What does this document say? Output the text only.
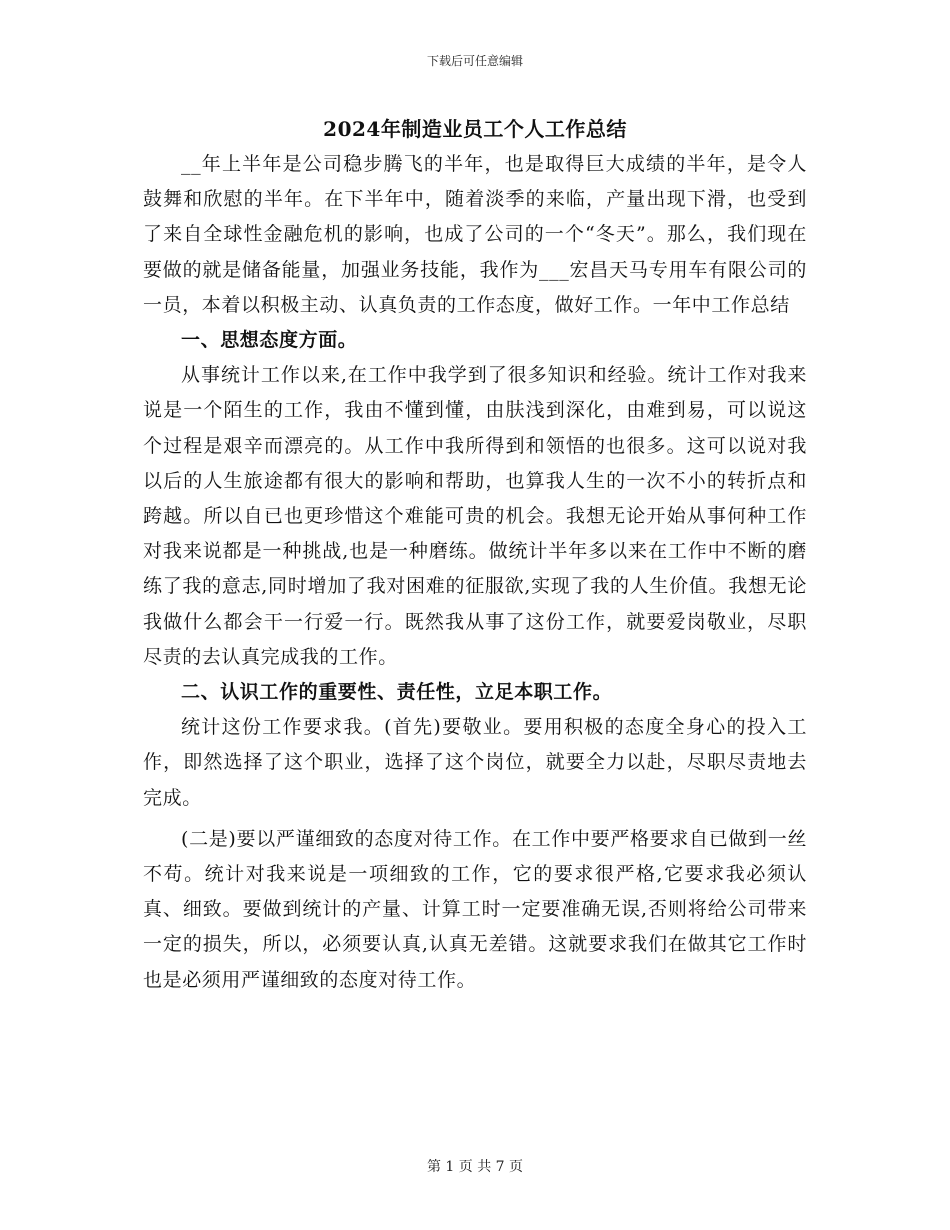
下载后可任意编辑
2024年制造业员工个人工作总结

__年上半年是公司稳步腾飞的半年，也是取得巨大成绩的半年，是令人鼓舞和欣慰的半年。在下半年中，随着淡季的来临，产量出现下滑，也受到了来自全球性金融危机的影响，也成了公司的一个“冬天”。那么，我们现在要做的就是储备能量，加强业务技能，我作为___宏昌天马专用车有限公司的一员，本着以积极主动、认真负责的工作态度，做好工作。一年中工作总结

一、思想态度方面。

从事统计工作以来,在工作中我学到了很多知识和经验。统计工作对我来说是一个陌生的工作，我由不懂到懂，由肤浅到深化，由难到易，可以说这个过程是艰辛而漂亮的。从工作中我所得到和领悟的也很多。这可以说对我以后的人生旅途都有很大的影响和帮助，也算我人生的一次不小的转折点和跨越。所以自已也更珍惜这个难能可贵的机会。我想无论开始从事何种工作对我来说都是一种挑战,也是一种磨练。做统计半年多以来在工作中不断的磨练了我的意志,同时增加了我对困难的征服欲,实现了我的人生价值。我想无论我做什么都会干一行爱一行。既然我从事了这份工作，就要爱岗敬业，尽职尽责的去认真完成我的工作。

二、认识工作的重要性、责任性，立足本职工作。

统计这份工作要求我。(首先)要敬业。要用积极的态度全身心的投入工作，即然选择了这个职业，选择了这个岗位，就要全力以赴，尽职尽责地去完成。

(二是)要以严谨细致的态度对待工作。在工作中要严格要求自已做到一丝不苟。统计对我来说是一项细致的工作，它的要求很严格,它要求我必须认真、细致。要做到统计的产量、计算工时一定要准确无误,否则将给公司带来一定的损失，所以，必须要认真,认真无差错。这就要求我们在做其它工作时也是必须用严谨细致的态度对待工作。

第 1 页 共 7 页
